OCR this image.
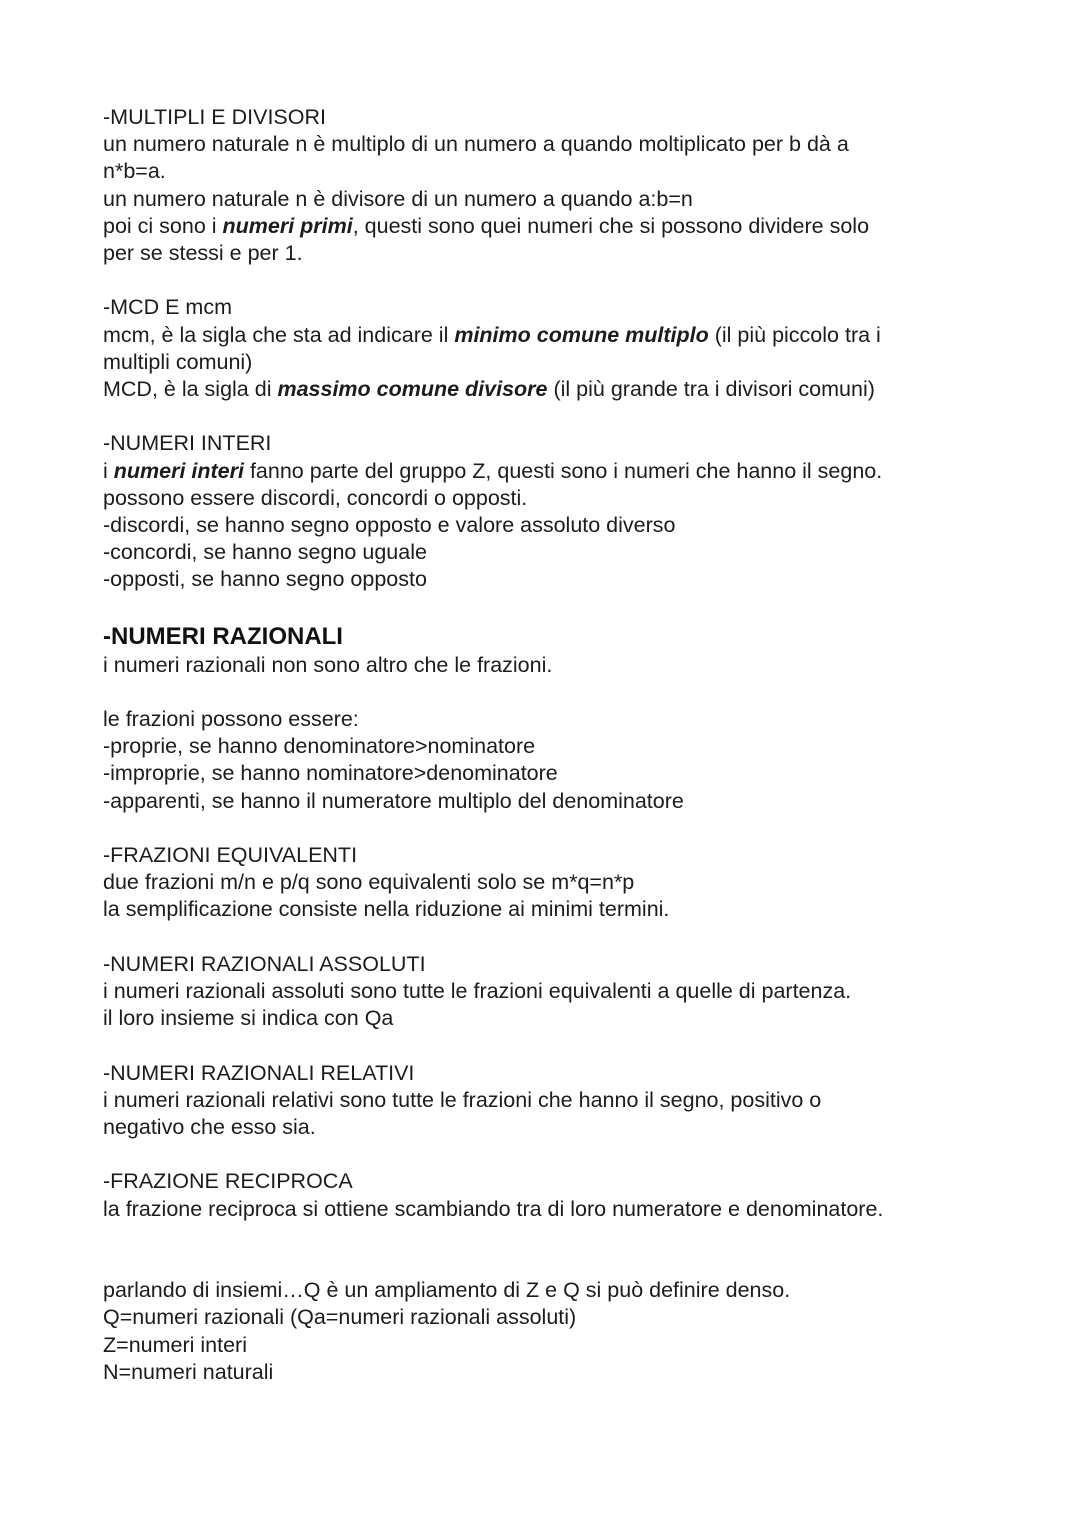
-MULTIPLI E DIVISORI
un numero naturale n è multiplo di un numero a quando moltiplicato per b dà a
n*b=a.
un numero naturale n è divisore di un numero a quando a:b=n
poi ci sono i numeri primi, questi sono quei numeri che si possono dividere solo
per se stessi e per 1.
-MCD E mcm
mcm, è la sigla che sta ad indicare il minimo comune multiplo (il più piccolo tra i
multipli comuni)
MCD, è la sigla di massimo comune divisore (il più grande tra i divisori comuni)
-NUMERI INTERI
i numeri interi fanno parte del gruppo Z, questi sono i numeri che hanno il segno.
possono essere discordi, concordi o opposti.
-discordi, se hanno segno opposto e valore assoluto diverso
-concordi, se hanno segno uguale
-opposti, se hanno segno opposto
-NUMERI RAZIONALI
i numeri razionali non sono altro che le frazioni.
le frazioni possono essere:
-proprie, se hanno denominatore>nominatore
-improprie, se hanno nominatore>denominatore
-apparenti, se hanno il numeratore multiplo del denominatore
-FRAZIONI EQUIVALENTI
due frazioni m/n e p/q sono equivalenti solo se m*q=n*p
la semplificazione consiste nella riduzione ai minimi termini.
-NUMERI RAZIONALI ASSOLUTI
i numeri razionali assoluti sono tutte le frazioni equivalenti a quelle di partenza.
il loro insieme si indica con Qa
-NUMERI RAZIONALI RELATIVI
i numeri razionali relativi sono tutte le frazioni che hanno il segno, positivo o
negativo che esso sia.
-FRAZIONE RECIPROCA
la frazione reciproca si ottiene scambiando tra di loro numeratore e denominatore.
parlando di insiemi…Q è un ampliamento di Z e Q si può definire denso.
Q=numeri razionali (Qa=numeri razionali assoluti)
Z=numeri interi
N=numeri naturali
